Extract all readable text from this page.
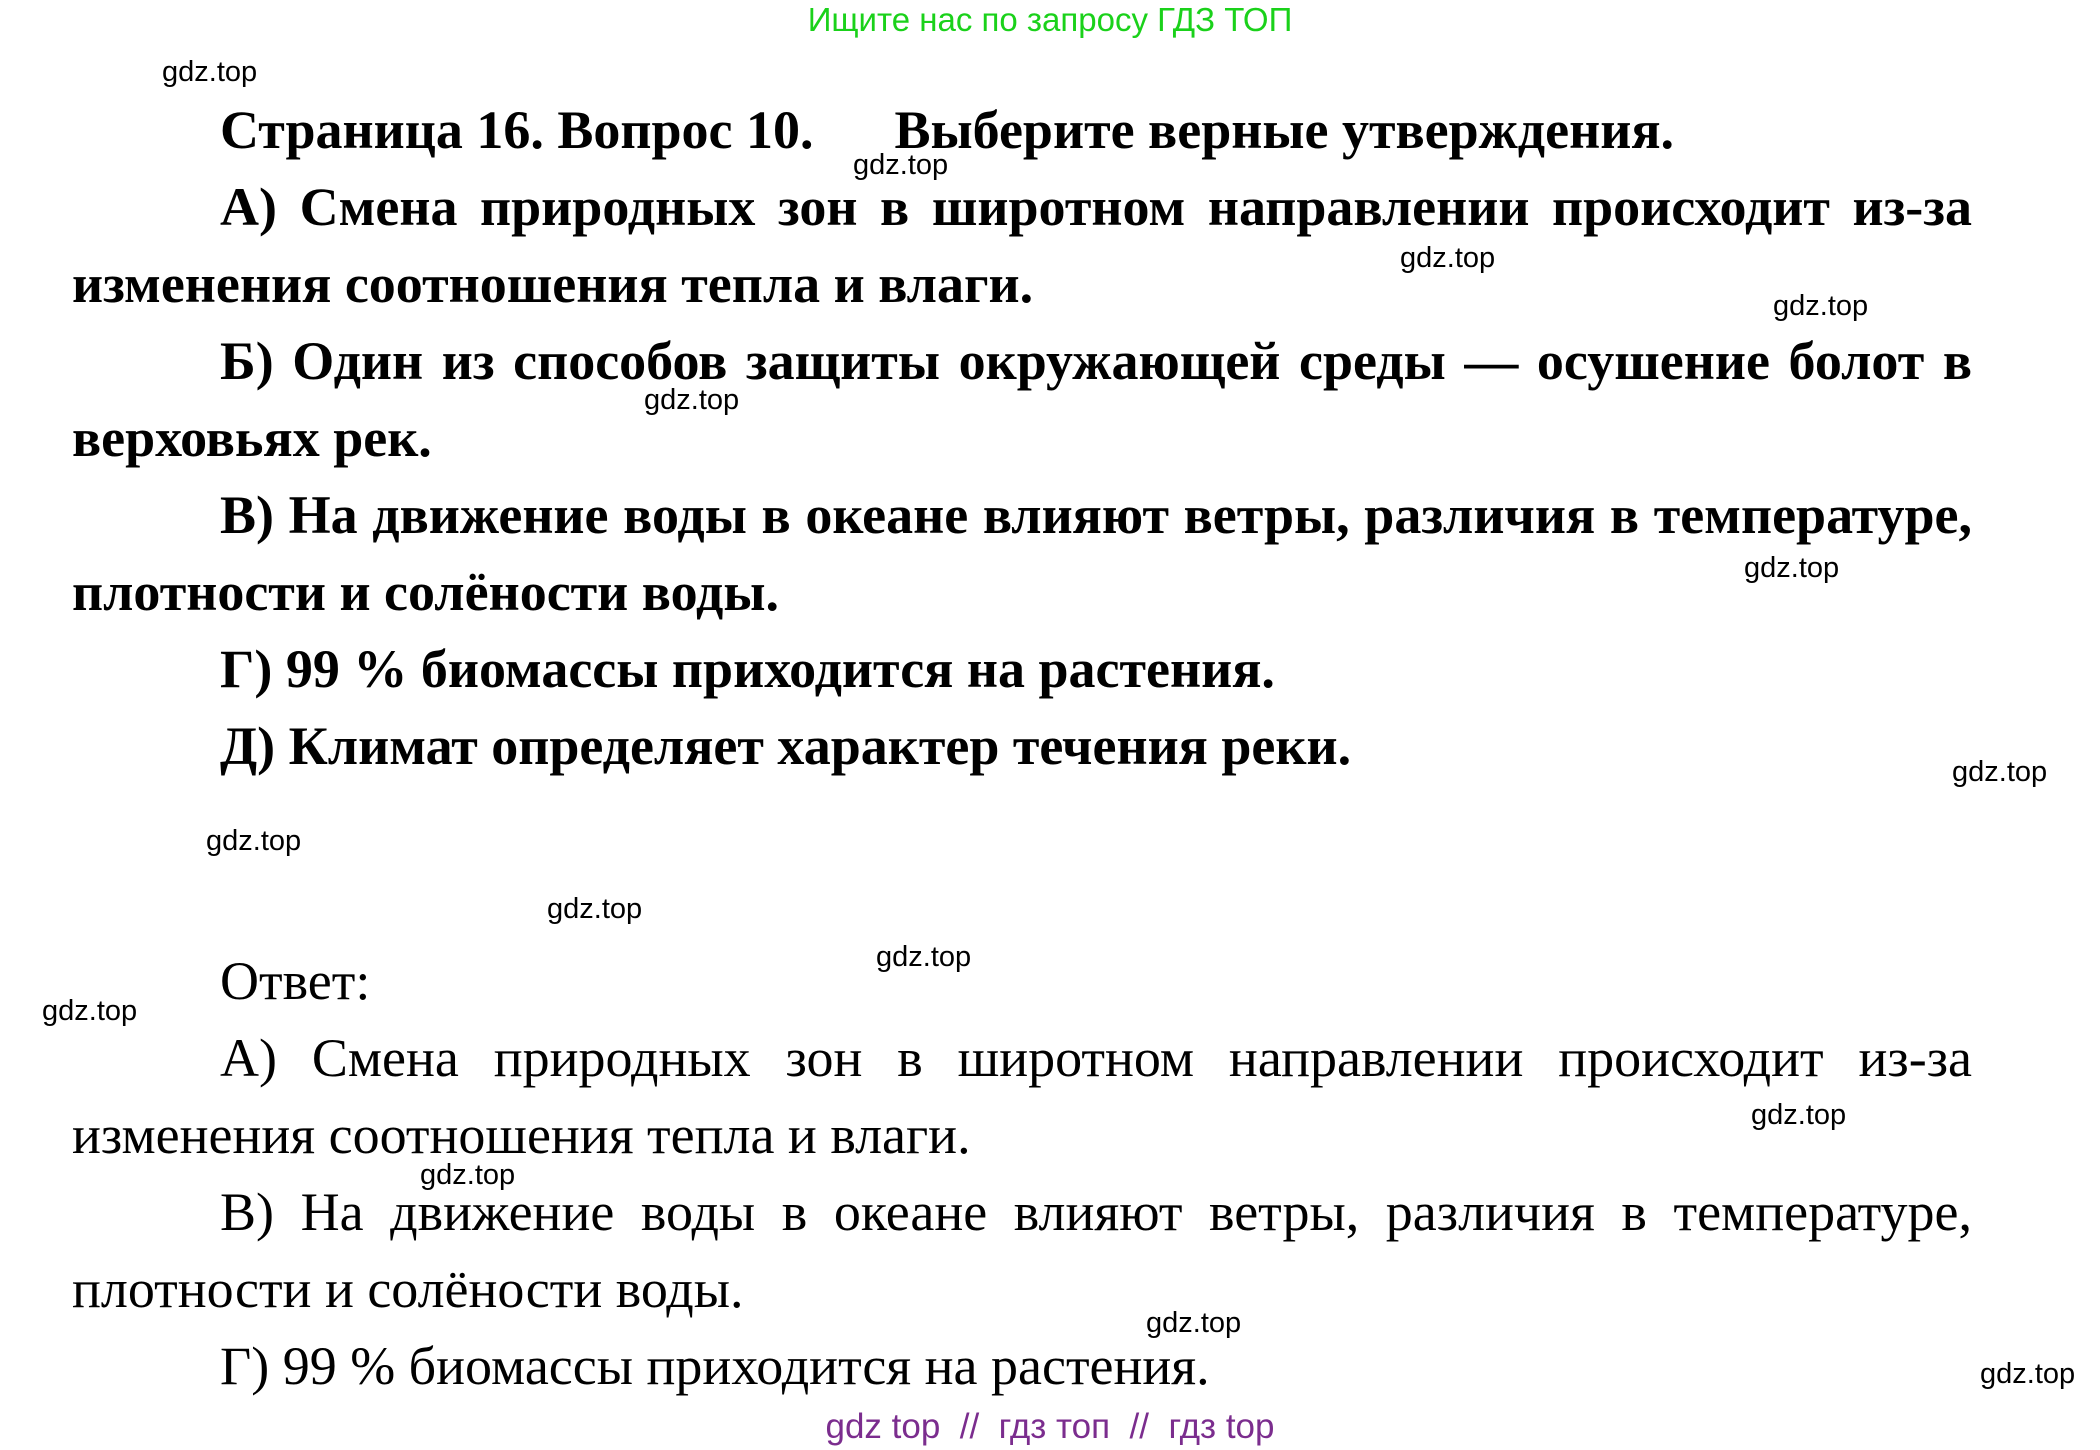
Ищите нас по запросу ГДЗ ТОП

Страница 16. Вопрос 10. Выберите верные утверждения.

А) Смена природных зон в широтном направлении происходит из-за изменения соотношения тепла и влаги.

Б) Один из способов защиты окружающей среды — осушение болот в верховьях рек.

В) На движение воды в океане влияют ветры, различия в температуре, плотности и солёности воды.

Г) 99 % биомассы приходится на растения.

Д) Климат определяет характер течения реки.

Ответ:

А) Смена природных зон в широтном направлении происходит из-за изменения соотношения тепла и влаги.

В) На движение воды в океане влияют ветры, различия в температуре, плотности и солёности воды.

Г) 99 % биомассы приходится на растения.

gdz.top
gdz.top
gdz.top
gdz.top
gdz.top
gdz.top
gdz.top
gdz.top
gdz.top
gdz.top
gdz.top
gdz.top
gdz.top
gdz.top
gdz.top
gdz top  //  гдз топ  //  гдз top
